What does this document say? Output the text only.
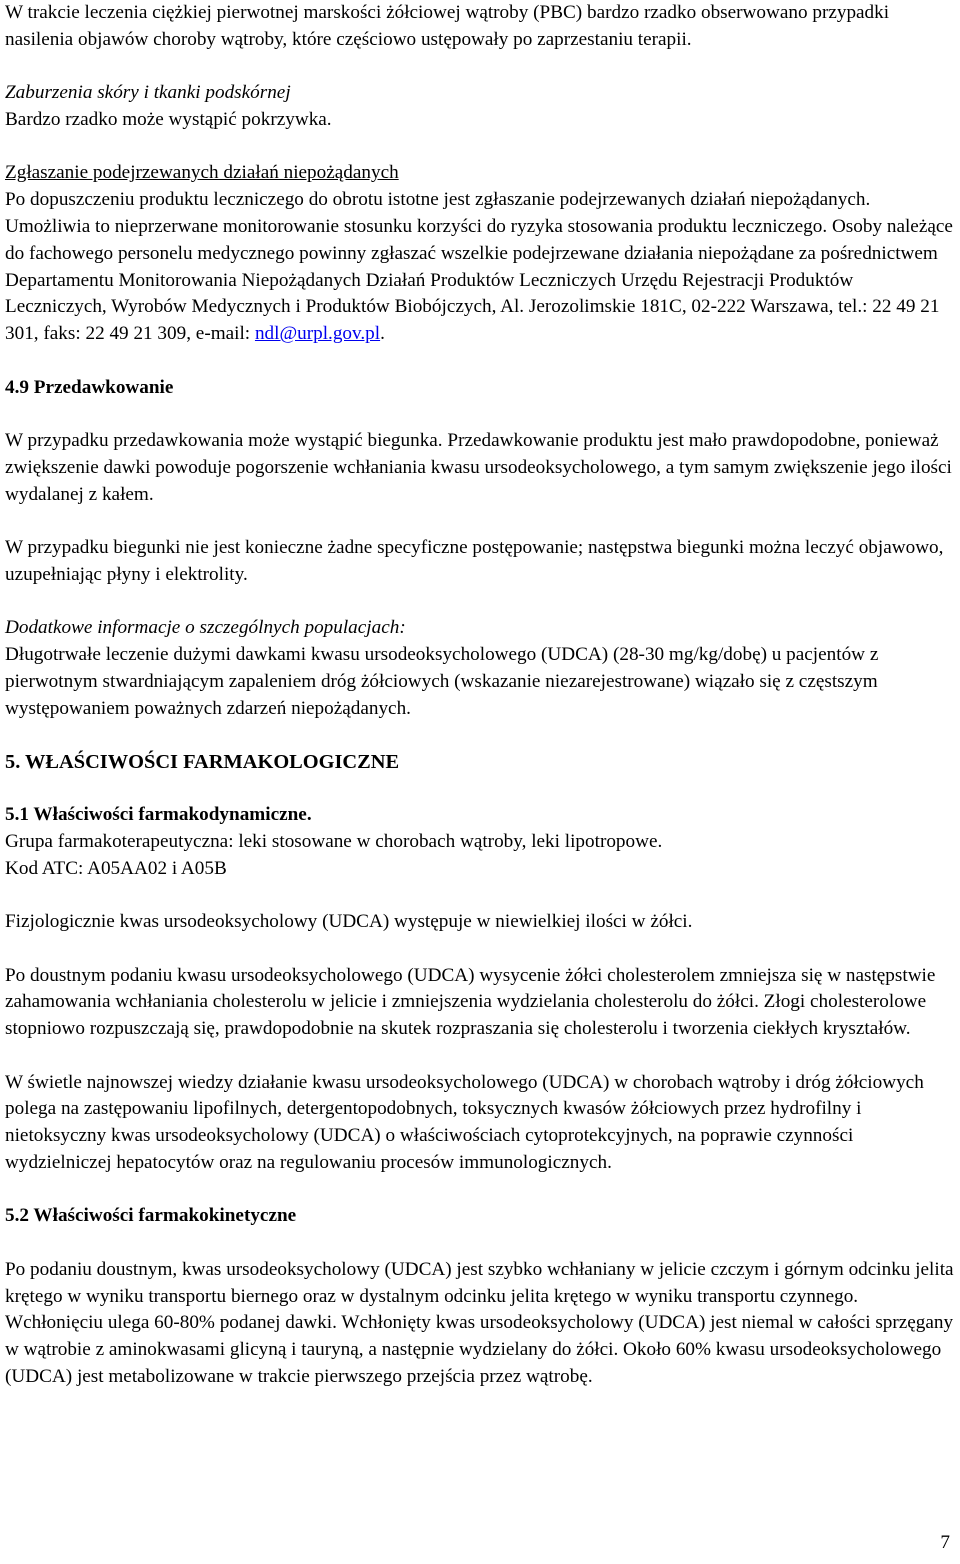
W trakcie leczenia ciężkiej pierwotnej marskości żółciowej wątroby (PBC) bardzo rzadko obserwowano przypadki nasilenia objawów choroby wątroby, które częściowo ustępowały po zaprzestaniu terapii.

Zaburzenia skóry i tkanki podskórnej

Bardzo rzadko może wystąpić pokrzywka.

Zgłaszanie podejrzewanych działań niepożądanych

Po dopuszczeniu produktu leczniczego do obrotu istotne jest zgłaszanie podejrzewanych działań niepożądanych. Umożliwia to nieprzerwane monitorowanie stosunku korzyści do ryzyka stosowania produktu leczniczego. Osoby należące do fachowego personelu medycznego powinny zgłaszać wszelkie podejrzewane działania niepożądane za pośrednictwem Departamentu Monitorowania Niepożądanych Działań Produktów Leczniczych Urzędu Rejestracji Produktów Leczniczych, Wyrobów Medycznych i Produktów Biobójczych, Al. Jerozolimskie 181C, 02-222 Warszawa, tel.: 22 49 21 301, faks: 22 49 21 309, e-mail: ndl@urpl.gov.pl.

4.9 Przedawkowanie

W przypadku przedawkowania może wystąpić biegunka. Przedawkowanie produktu jest mało prawdopodobne, ponieważ zwiększenie dawki powoduje pogorszenie wchłaniania kwasu ursodeoksycholowego, a tym samym zwiększenie jego ilości wydalanej z kałem.

W przypadku biegunki nie jest konieczne żadne specyficzne postępowanie; następstwa biegunki można leczyć objawowo, uzupełniając płyny i elektrolity.

Dodatkowe informacje o szczególnych populacjach:

Długotrwałe leczenie dużymi dawkami kwasu ursodeoksycholowego (UDCA) (28-30 mg/kg/dobę) u pacjentów z pierwotnym stwardniającym zapaleniem dróg żółciowych (wskazanie niezarejestrowane) wiązało się z częstszym występowaniem poważnych zdarzeń niepożądanych.

5. WŁAŚCIWOŚCI FARMAKOLOGICZNE

5.1 Właściwości farmakodynamiczne.

Grupa farmakoterapeutyczna: leki stosowane w chorobach wątroby, leki lipotropowe.

Kod ATC: A05AA02 i A05B

Fizjologicznie kwas ursodeoksycholowy (UDCA) występuje w niewielkiej ilości w żółci.

Po doustnym podaniu kwasu ursodeoksycholowego (UDCA) wysycenie żółci cholesterolem zmniejsza się w następstwie zahamowania wchłaniania cholesterolu w jelicie i zmniejszenia wydzielania cholesterolu do żółci. Złogi cholesterolowe stopniowo rozpuszczają się, prawdopodobnie na skutek rozpraszania się cholesterolu i tworzenia ciekłych kryształów.

W świetle najnowszej wiedzy działanie kwasu ursodeoksycholowego (UDCA) w chorobach wątroby i dróg żółciowych polega na zastępowaniu lipofilnych, detergentopodobnych, toksycznych kwasów żółciowych przez hydrofilny i nietoksyczny kwas ursodeoksycholowy (UDCA) o właściwościach cytoprotekcyjnych, na poprawie czynności wydzielniczej hepatocytów oraz na regulowaniu procesów immunologicznych.

5.2 Właściwości farmakokinetyczne

Po podaniu doustnym, kwas ursodeoksycholowy (UDCA) jest szybko wchłaniany w jelicie czczym i górnym odcinku jelita krętego w wyniku transportu biernego oraz w dystalnym odcinku jelita krętego w wyniku transportu czynnego. Wchłonięciu ulega 60-80% podanej dawki. Wchłonięty kwas ursodeoksycholowy (UDCA) jest niemal w całości sprzęgany w wątrobie z aminokwasami glicyną i tauryną, a następnie wydzielany do żółci. Około 60% kwasu ursodeoksycholowego (UDCA) jest metabolizowane w trakcie pierwszego przejścia przez wątrobę.

7
